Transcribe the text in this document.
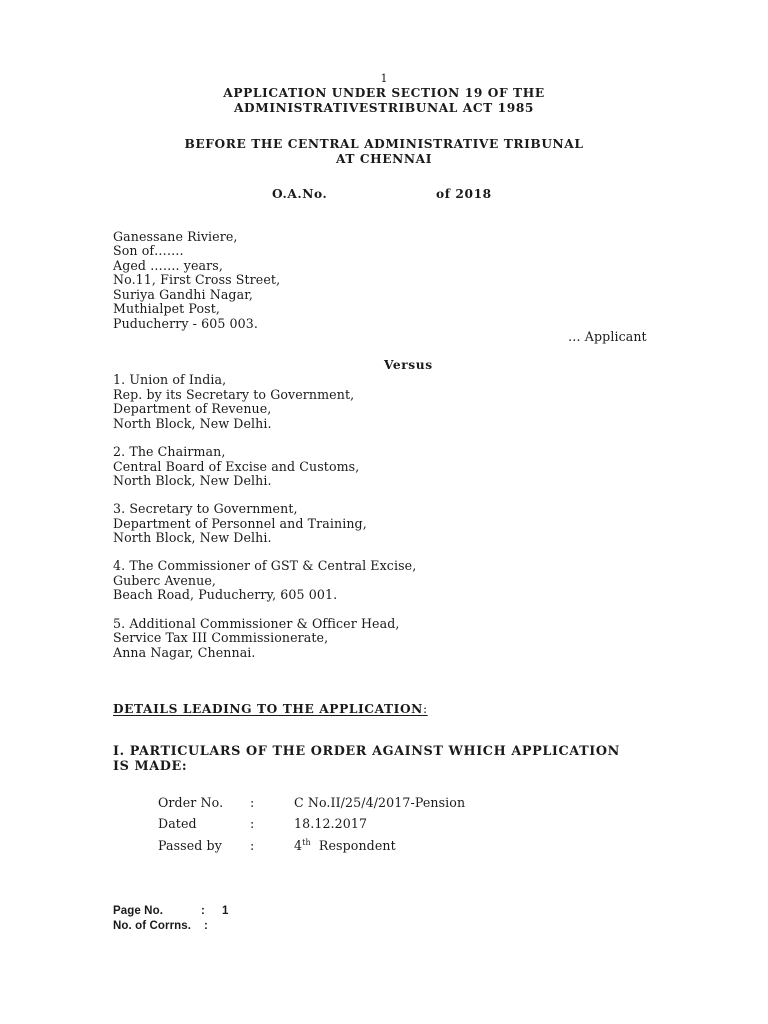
1
APPLICATION UNDER SECTION 19 OF THE
ADMINISTRATIVESTRIBUNAL ACT 1985
BEFORE THE CENTRAL ADMINISTRATIVE TRIBUNAL
AT CHENNAI
O.A.No.	of 2018
Ganessane Riviere,
Son of…….
Aged ……. years,
No.11, First Cross Street,
Suriya Gandhi Nagar,
Muthialpet Post,
Puducherry - 605 003.
… Applicant
Versus
1. Union of India,
Rep. by its Secretary to Government,
Department of Revenue,
North Block, New Delhi.
2. The Chairman,
Central Board of Excise and Customs,
North Block, New Delhi.
3. Secretary to Government,
Department of Personnel and Training,
North Block, New Delhi.
4. The Commissioner of GST & Central Excise,
Guberc Avenue,
Beach Road, Puducherry, 605 001.
5. Additional Commissioner & Officer Head,
Service Tax III Commissionerate,
Anna Nagar, Chennai.
DETAILS LEADING TO THE APPLICATION:
I. PARTICULARS OF THE ORDER AGAINST WHICH APPLICATION
IS MADE:
Order No. :	C No.II/25/4/2017-Pension
Dated	:	18.12.2017
Passed by :	4th Respondent
Page No.	: 1
No. of Corrns. :
